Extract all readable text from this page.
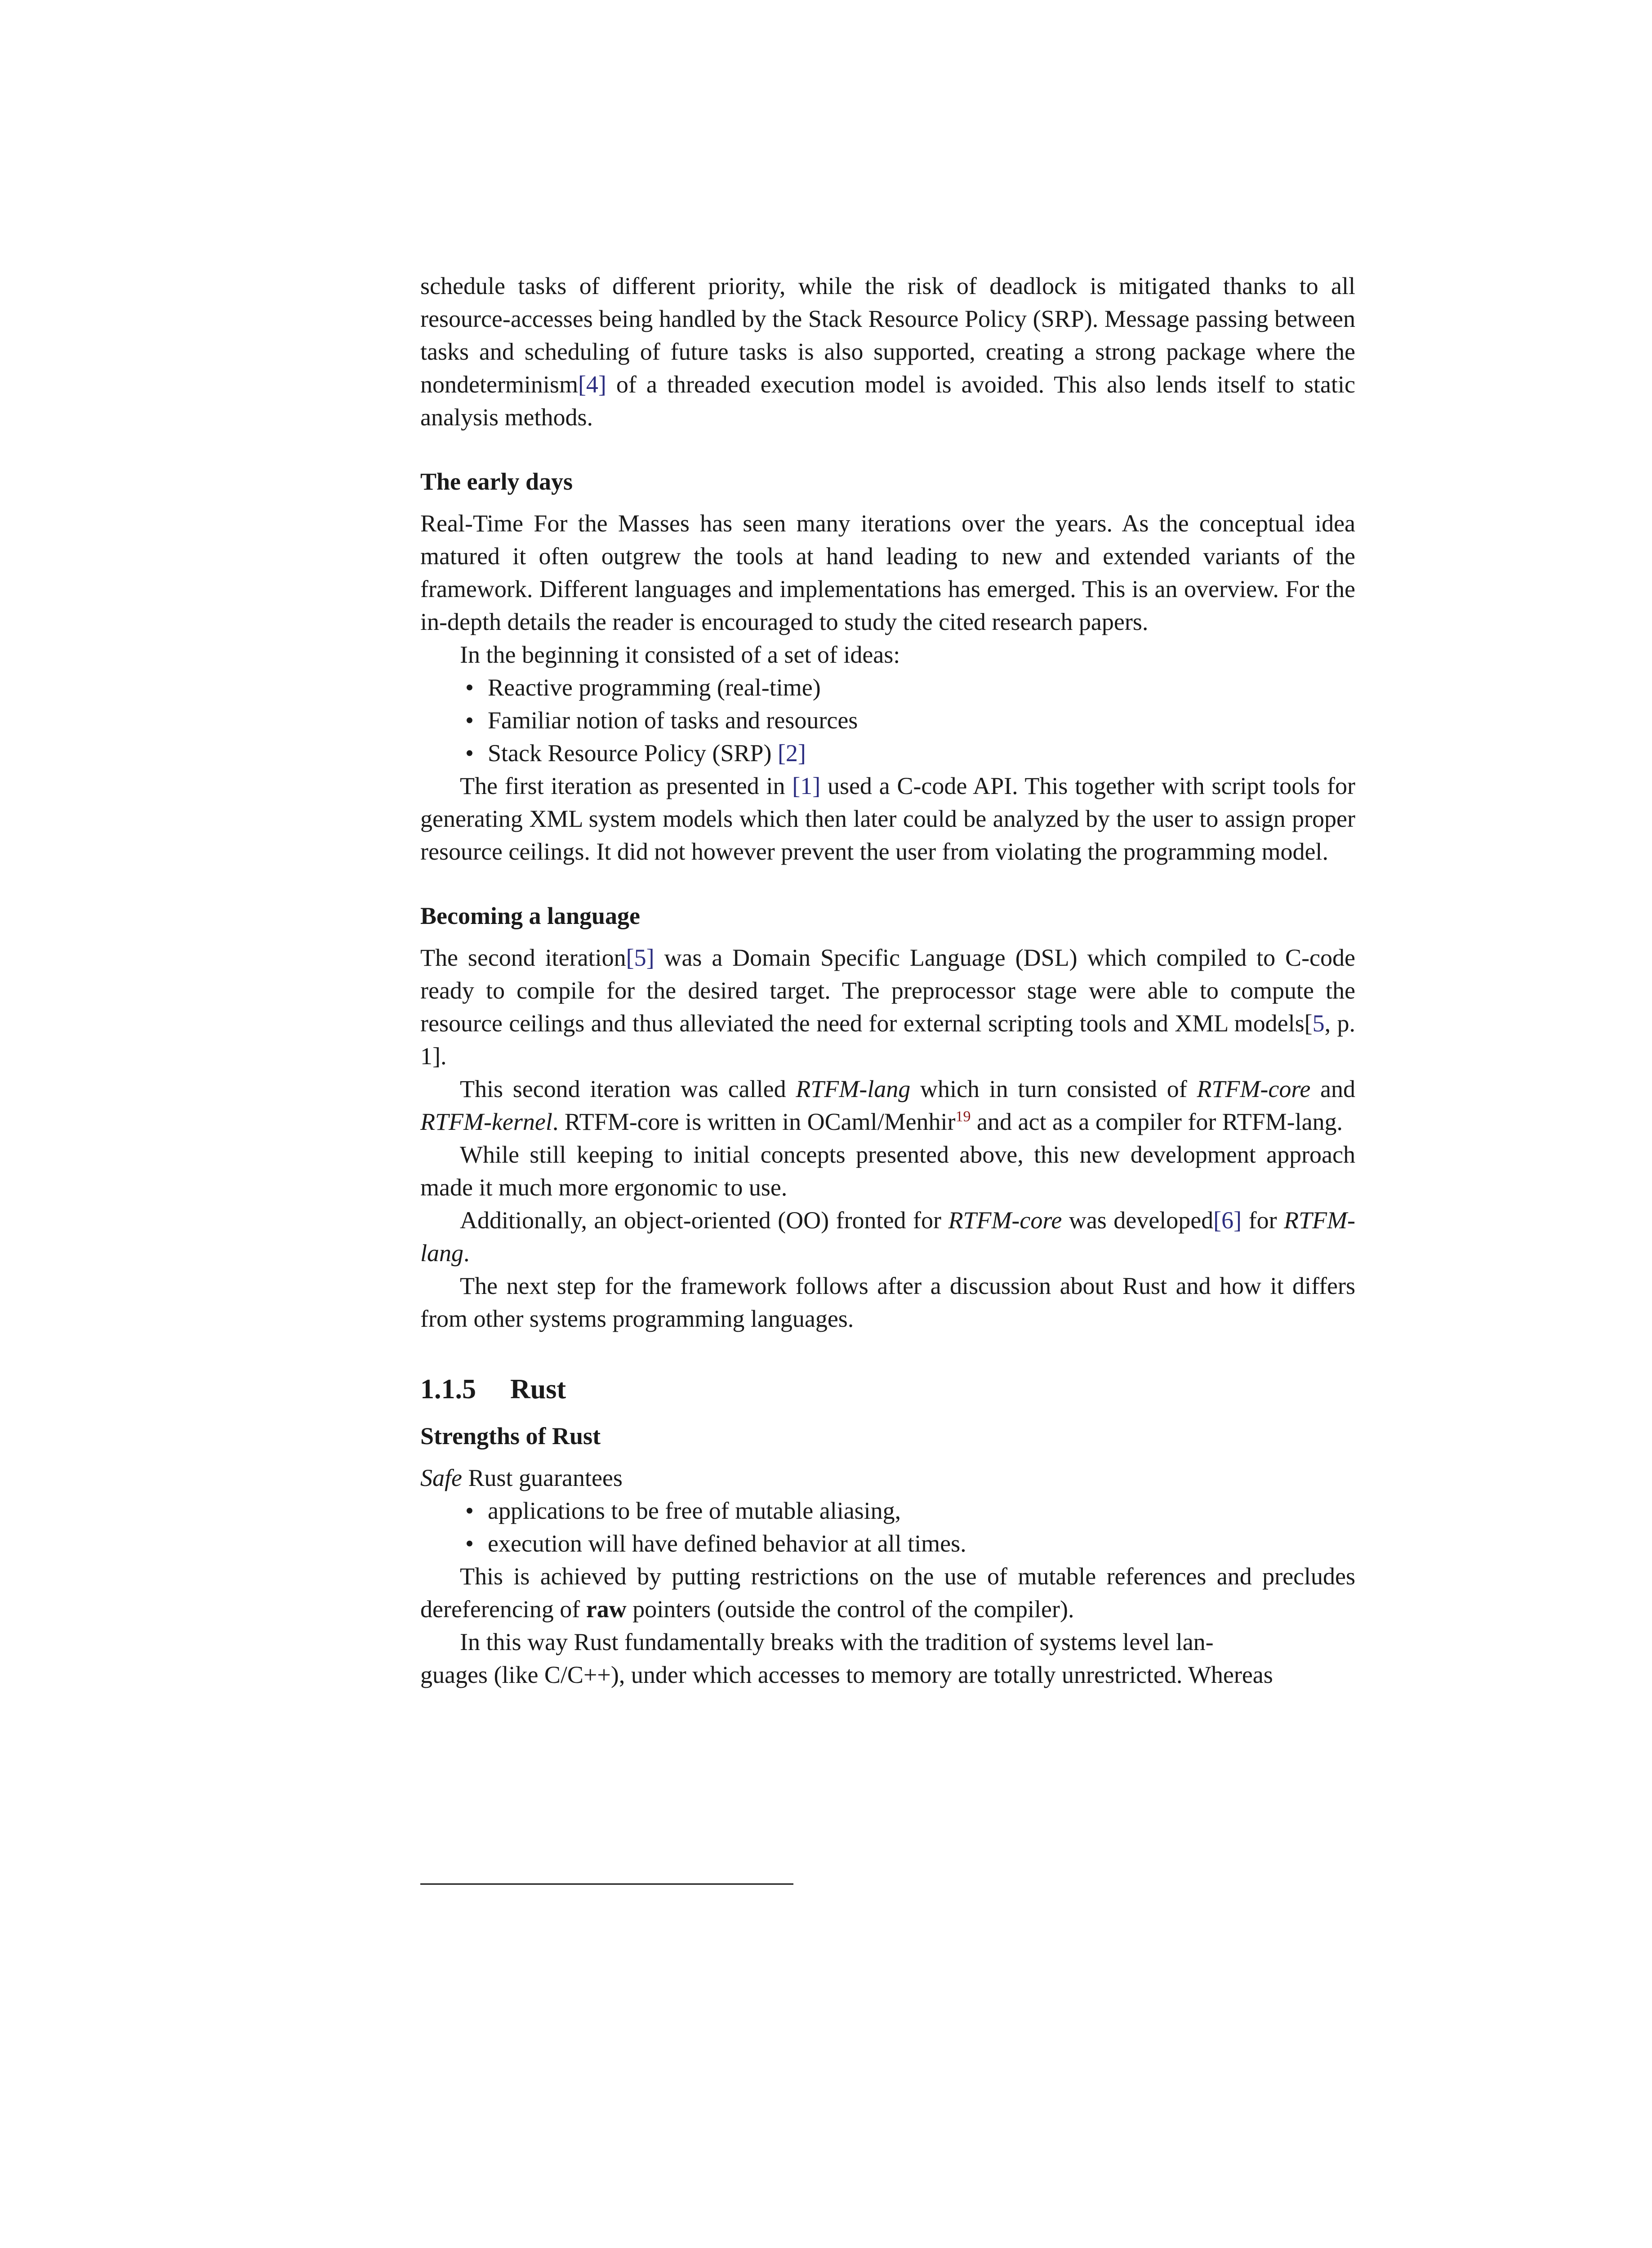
schedule tasks of different priority, while the risk of deadlock is mitigated thanks to all resource-accesses being handled by the Stack Resource Policy (SRP). Message passing between tasks and scheduling of future tasks is also supported, creating a strong package where the nondeterminism[4] of a threaded execution model is avoided. This also lends itself to static analysis methods.

The early days

Real-Time For the Masses has seen many iterations over the years. As the conceptual idea matured it often outgrew the tools at hand leading to new and extended variants of the framework. Different languages and implementations has emerged. This is an overview. For the in-depth details the reader is encouraged to study the cited research papers.

In the beginning it consisted of a set of ideas:

• Reactive programming (real-time)
• Familiar notion of tasks and resources
• Stack Resource Policy (SRP) [2]

The first iteration as presented in [1] used a C-code API. This together with script tools for generating XML system models which then later could be analyzed by the user to assign proper resource ceilings. It did not however prevent the user from violating the programming model.

Becoming a language

The second iteration[5] was a Domain Specific Language (DSL) which compiled to C-code ready to compile for the desired target. The preprocessor stage were able to compute the resource ceilings and thus alleviated the need for external scripting tools and XML models[5, p. 1].

This second iteration was called RTFM-lang which in turn consisted of RTFM-core and RTFM-kernel. RTFM-core is written in OCaml/Menhir$^{19}$ and act as a compiler for RTFM-lang.

While still keeping to initial concepts presented above, this new development approach made it much more ergonomic to use.

Additionally, an object-oriented (OO) fronted for RTFM-core was developed[6] for RTFM-lang.

The next step for the framework follows after a discussion about Rust and how it differs from other systems programming languages.

1.1.5 Rust
Strengths of Rust

Safe Rust guarantees

• applications to be free of mutable aliasing,
• execution will have defined behavior at all times.

This is achieved by putting restrictions on the use of mutable references and precludes dereferencing of raw pointers (outside the control of the compiler).

In this way Rust fundamentally breaks with the tradition of systems level lan-

guages (like C/C++), under which accesses to memory are totally unrestricted. Whereas
